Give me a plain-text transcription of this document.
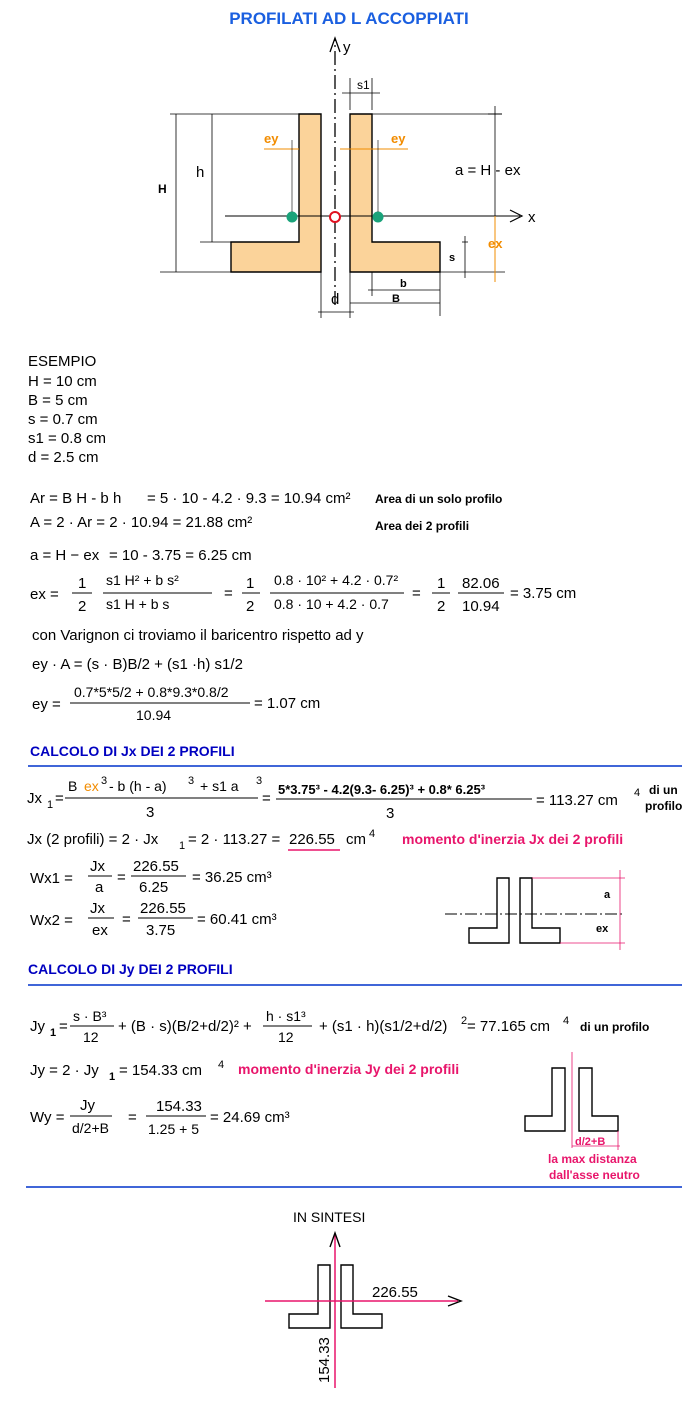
PROFILATI AD L ACCOPPIATI
y
x
s1
ey	ey
H
h	a = H - ex
ex
s
b
B
d
ESEMPIO
H = 10 cm
B = 5 cm
s = 0.7 cm
s1 = 0.8 cm
d = 2.5 cm
Ar = B H - b h = 5 · 10 - 4.2 · 9.3 = 10.94 cm² Area di un solo profilo
A = 2 · Ar = 2 · 10.94 = 21.88 cm²	Area dei 2 profili
a = H − ex = 10 - 3.75 = 6.25 cm
ex =
1
2
s1 H² + b s²
s1 H + b s
=
1
2
0.8 · 10² + 4.2 · 0.7²
0.8 · 10 + 4.2 · 0.7
=
1
2
82.06
10.94
= 3.75 cm
con Varignon ci troviamo il baricentro rispetto ad y
ey · A = (s · B)B/2 + (s1 ·h) s1/2
ey =
0.7*5*5/2 + 0.8*9.3*0.8/2
10.94
= 1.07 cm
CALCOLO DI Jx DEI 2 PROFILI
Jx 1 =
B ex 3 - b (h - a) 3 + s1 a 3
3
=
5*3.75³ - 4.2(9.3- 6.25)³ + 0.8* 6.25³
3
= 113.27 cm 4 di un
profilo
Jx (2 profili) = 2 · Jx 1 = 2 · 113.27 = 226.55 cm 4 momento d'inerzia Jx dei 2 profili
Wx1 =
Jx
a
=
226.55
6.25
= 36.25 cm³
Wx2 =
Jx
ex
=
226.55
3.75
= 60.41 cm³
a
ex
CALCOLO DI Jy DEI 2 PROFILI
Jy 1 =
s · B³
12
+ (B · s)(B/2+d/2)² +
h · s1³
12
+ (s1 · h)(s1/2+d/2) 2 = 77.165 cm 4 di un profilo
Jy = 2 · Jy 1 = 154.33 cm 4 momento d'inerzia Jy dei 2 profili
Wy =
Jy
d/2+B
=
154.33
1.25 + 5
= 24.69 cm³
d/2+B
la max distanza
dall'asse neutro
IN SINTESI
226.55
154.33
